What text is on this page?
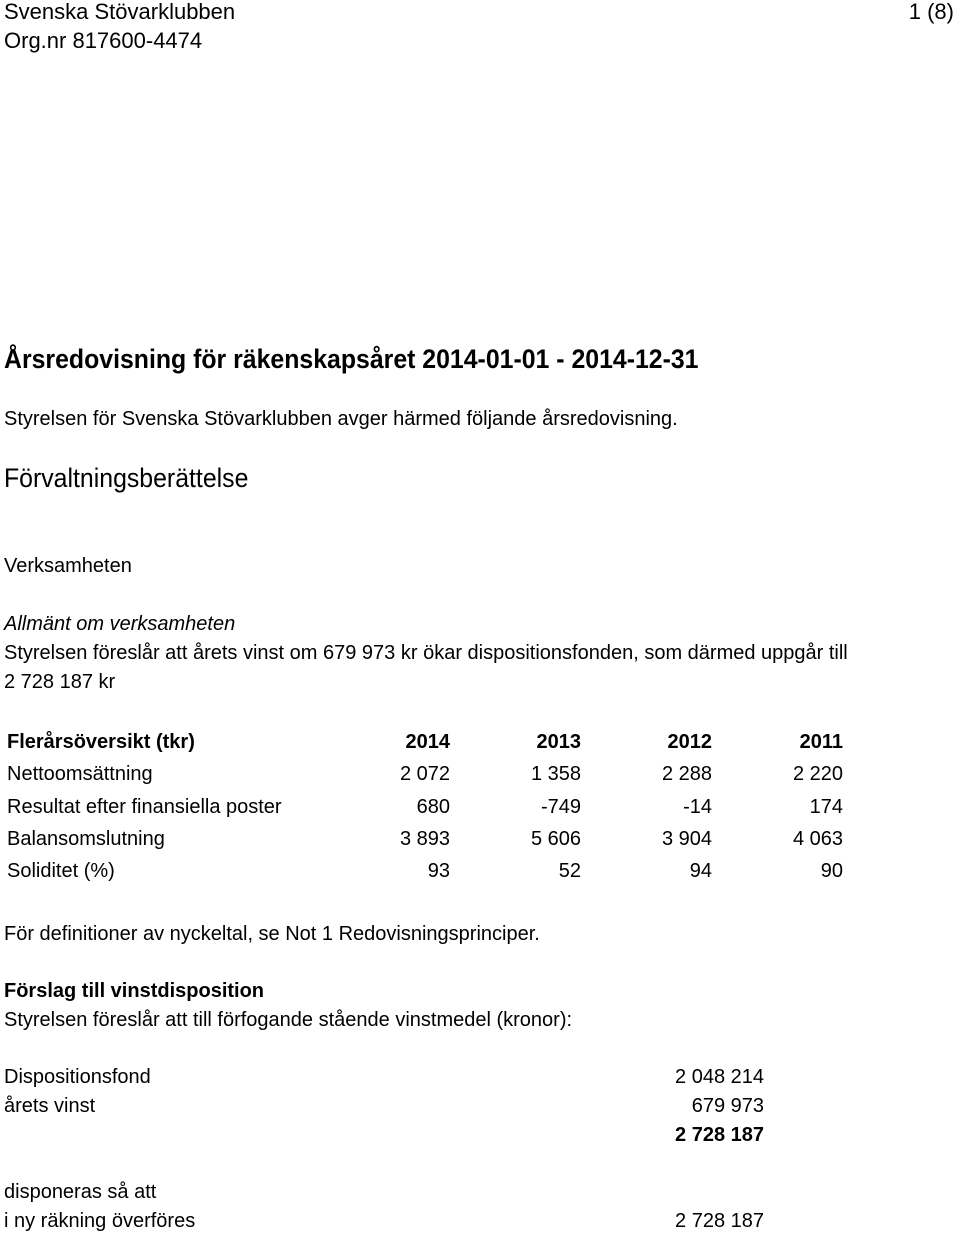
Svenska Stövarklubben
Org.nr 817600-4474
1 (8)
Årsredovisning för räkenskapsåret 2014-01-01 - 2014-12-31
Styrelsen för Svenska Stövarklubben avger härmed följande årsredovisning.
Förvaltningsberättelse
Verksamheten
Allmänt om verksamheten
Styrelsen föreslår att årets vinst om 679 973 kr ökar dispositionsfonden, som därmed uppgår till
2 728 187 kr
Flerårsöversikt (tkr)	2014	2013	2012	2011
Nettoomsättning	2 072	1 358	2 288	2 220
Resultat efter finansiella poster	680	-749	-14	174
Balansomslutning	3 893	5 606	3 904	4 063
Soliditet (%)	93	52	94	90
För definitioner av nyckeltal, se Not 1 Redovisningsprinciper.
Förslag till vinstdisposition
Styrelsen föreslår att till förfogande stående vinstmedel (kronor):
Dispositionsfond	2 048 214
årets vinst	679 973
2 728 187
disponeras så att
i ny räkning överföres	2 728 187
